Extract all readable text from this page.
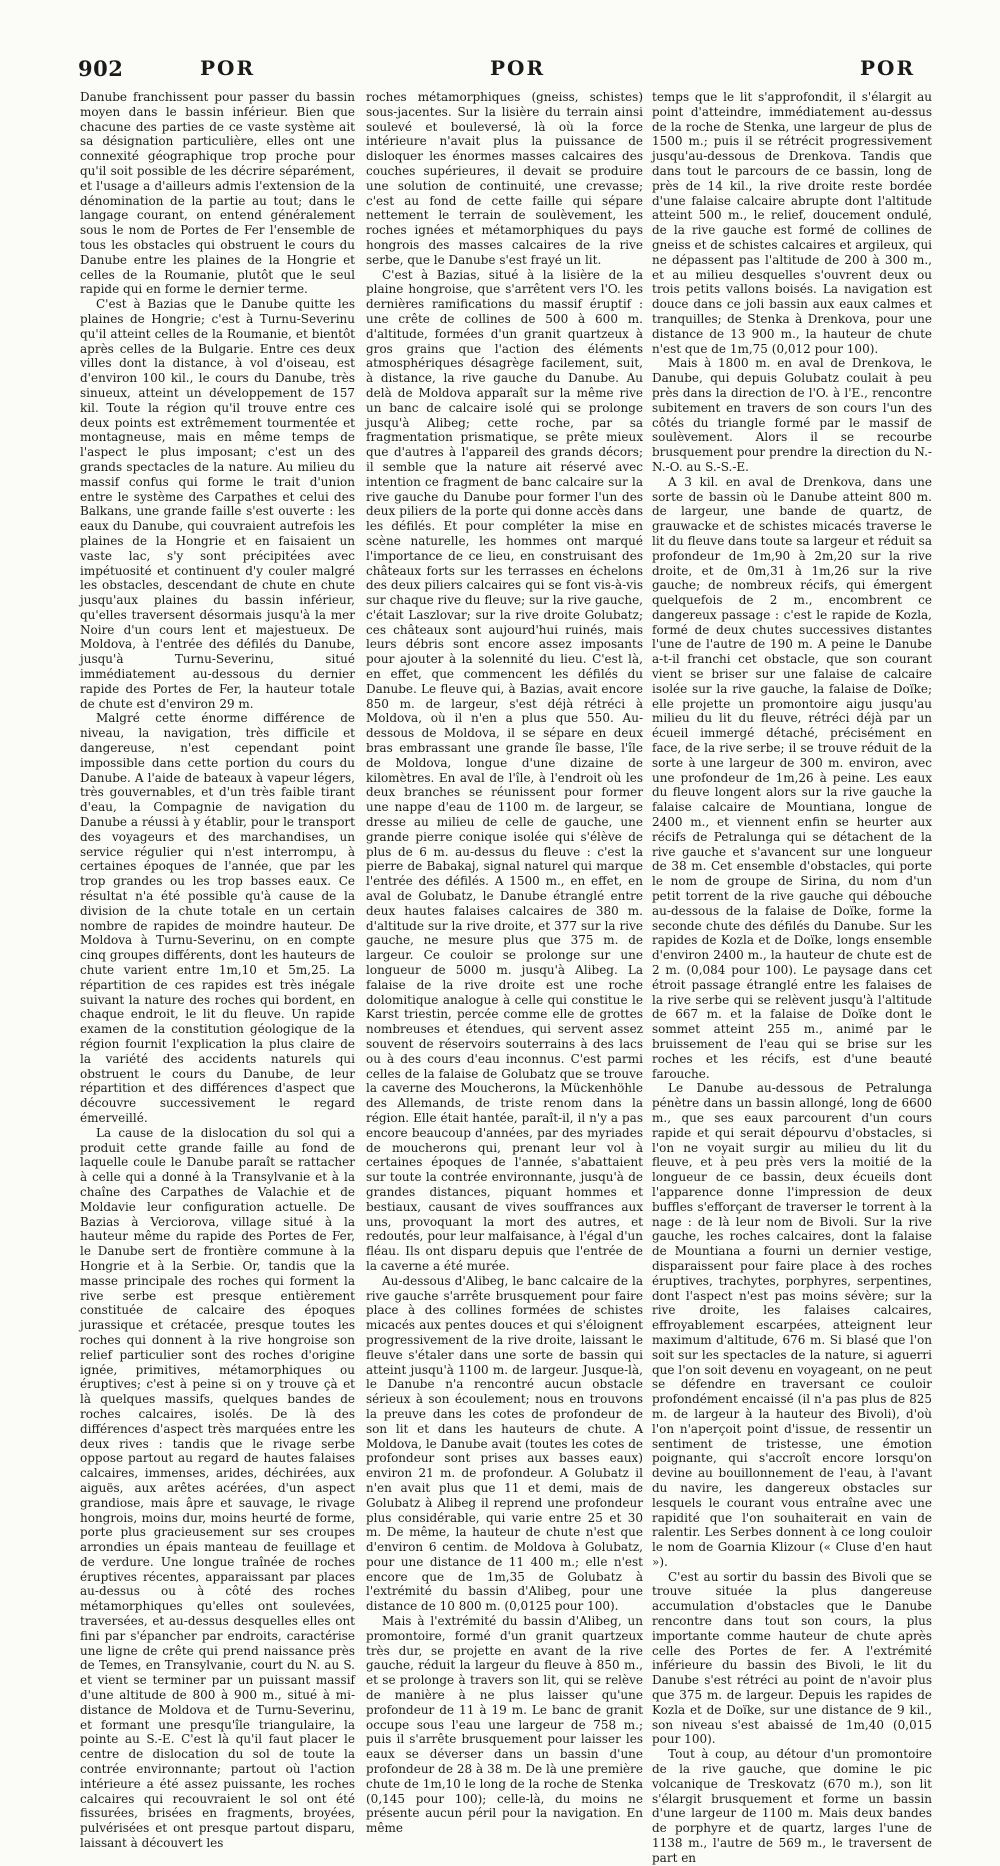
902	POR	POR	POR

Danube franchissent pour passer du bassin moyen dans le bassin inférieur. Bien que chacune des parties de ce vaste système ait sa désignation particulière, elles ont une connexité géographique trop proche pour qu'il soit possible de les décrire séparément, et l'usage a d'ailleurs admis l'extension de la dénomination de la partie au tout; dans le langage courant, on entend généralement sous le nom de Portes de Fer l'ensemble de tous les obstacles qui obstruent le cours du Danube entre les plaines de la Hongrie et celles de la Roumanie, plutôt que le seul rapide qui en forme le dernier terme.

C'est à Bazias que le Danube quitte les plaines de Hongrie; c'est à Turnu-Severinu qu'il atteint celles de la Roumanie, et bientôt après celles de la Bulgarie. Entre ces deux villes dont la distance, à vol d'oiseau, est d'environ 100 kil., le cours du Danube, très sinueux, atteint un développement de 157 kil. Toute la région qu'il trouve entre ces deux points est extrêmement tourmentée et montagneuse, mais en même temps de l'aspect le plus imposant; c'est un des grands spectacles de la nature. Au milieu du massif confus qui forme le trait d'union entre le système des Carpathes et celui des Balkans, une grande faille s'est ouverte : les eaux du Danube, qui couvraient autrefois les plaines de la Hongrie et en faisaient un vaste lac, s'y sont précipitées avec impétuosité et continuent d'y couler malgré les obstacles, descendant de chute en chute jusqu'aux plaines du bassin inférieur, qu'elles traversent désormais jusqu'à la mer Noire d'un cours lent et majestueux. De Moldova, à l'entrée des défilés du Danube, jusqu'à Turnu-Severinu, situé immédiatement au-dessous du dernier rapide des Portes de Fer, la hauteur totale de chute est d'environ 29 m.

Malgré cette énorme différence de niveau, la navigation, très difficile et dangereuse, n'est cependant point impossible dans cette portion du cours du Danube. A l'aide de bateaux à vapeur légers, très gouvernables, et d'un très faible tirant d'eau, la Compagnie de navigation du Danube a réussi à y établir, pour le transport des voyageurs et des marchandises, un service régulier qui n'est interrompu, à certaines époques de l'année, que par les trop grandes ou les trop basses eaux. Ce résultat n'a été possible qu'à cause de la division de la chute totale en un certain nombre de rapides de moindre hauteur. De Moldova à Turnu-Severinu, on en compte cinq groupes différents, dont les hauteurs de chute varient entre 1m,10 et 5m,25. La répartition de ces rapides est très inégale suivant la nature des roches qui bordent, en chaque endroit, le lit du fleuve. Un rapide examen de la constitution géologique de la région fournit l'explication la plus claire de la variété des accidents naturels qui obstruent le cours du Danube, de leur répartition et des différences d'aspect que découvre successivement le regard émerveillé.

La cause de la dislocation du sol qui a produit cette grande faille au fond de laquelle coule le Danube paraît se rattacher à celle qui a donné à la Transylvanie et à la chaîne des Carpathes de Valachie et de Moldavie leur configuration actuelle. De Bazias à Verciorova, village situé à la hauteur même du rapide des Portes de Fer, le Danube sert de frontière commune à la Hongrie et à la Serbie. Or, tandis que la masse principale des roches qui forment la rive serbe est presque entièrement constituée de calcaire des époques jurassique et crétacée, presque toutes les roches qui donnent à la rive hongroise son relief particulier sont des roches d'origine ignée, primitives, métamorphiques ou éruptives; c'est à peine si on y trouve çà et là quelques massifs, quelques bandes de roches calcaires, isolés. De là des différences d'aspect très marquées entre les deux rives : tandis que le rivage serbe oppose partout au regard de hautes falaises calcaires, immenses, arides, déchirées, aux aiguës, aux arêtes acérées, d'un aspect grandiose, mais âpre et sauvage, le rivage hongrois, moins dur, moins heurté de forme, porte plus gracieusement sur ses croupes arrondies un épais manteau de feuillage et de verdure. Une longue traînée de roches éruptives récentes, apparaissant par places au-dessus ou à côté des roches métamorphiques qu'elles ont soulevées, traversées, et au-dessus desquelles elles ont fini par s'épancher par endroits, caractérise une ligne de crête qui prend naissance près de Temes, en Transylvanie, court du N. au S. et vient se terminer par un puissant massif d'une altitude de 800 à 900 m., situé à mi-distance de Moldova et de Turnu-Severinu, et formant une presqu'île triangulaire, la pointe au S.-E. C'est là qu'il faut placer le centre de dislocation du sol de toute la contrée environnante; partout où l'action intérieure a été assez puissante, les roches calcaires qui recouvraient le sol ont été fissurées, brisées en fragments, broyées, pulvérisées et ont presque partout disparu, laissant à découvert les

roches métamorphiques (gneiss, schistes) sous-jacentes. Sur la lisière du terrain ainsi soulevé et bouleversé, là où la force intérieure n'avait plus la puissance de disloquer les énormes masses calcaires des couches supérieures, il devait se produire une solution de continuité, une crevasse; c'est au fond de cette faille qui sépare nettement le terrain de soulèvement, les roches ignées et métamorphiques du pays hongrois des masses calcaires de la rive serbe, que le Danube s'est frayé un lit.

C'est à Bazias, situé à la lisière de la plaine hongroise, que s'arrêtent vers l'O. les dernières ramifications du massif éruptif : une crête de collines de 500 à 600 m. d'altitude, formées d'un granit quartzeux à gros grains que l'action des éléments atmosphériques désagrège facilement, suit, à distance, la rive gauche du Danube. Au delà de Moldova apparaît sur la même rive un banc de calcaire isolé qui se prolonge jusqu'à Alibeg; cette roche, par sa fragmentation prismatique, se prête mieux que d'autres à l'appareil des grands décors; il semble que la nature ait réservé avec intention ce fragment de banc calcaire sur la rive gauche du Danube pour former l'un des deux piliers de la porte qui donne accès dans les défilés. Et pour compléter la mise en scène naturelle, les hommes ont marqué l'importance de ce lieu, en construisant des châteaux forts sur les terrasses en échelons des deux piliers calcaires qui se font vis-à-vis sur chaque rive du fleuve; sur la rive gauche, c'était Laszlovar; sur la rive droite Golubatz; ces châteaux sont aujourd'hui ruinés, mais leurs débris sont encore assez imposants pour ajouter à la solennité du lieu. C'est là, en effet, que commencent les défilés du Danube. Le fleuve qui, à Bazias, avait encore 850 m. de largeur, s'est déjà rétréci à Moldova, où il n'en a plus que 550. Au-dessous de Moldova, il se sépare en deux bras embrassant une grande île basse, l'île de Moldova, longue d'une dizaine de kilomètres. En aval de l'île, à l'endroit où les deux branches se réunissent pour former une nappe d'eau de 1100 m. de largeur, se dresse au milieu de celle de gauche, une grande pierre conique isolée qui s'élève de plus de 6 m. au-dessus du fleuve : c'est la pierre de Babakaj, signal naturel qui marque l'entrée des défilés. A 1500 m., en effet, en aval de Golubatz, le Danube étranglé entre deux hautes falaises calcaires de 380 m. d'altitude sur la rive droite, et 377 sur la rive gauche, ne mesure plus que 375 m. de largeur. Ce couloir se prolonge sur une longueur de 5000 m. jusqu'à Alibeg. La falaise de la rive droite est une roche dolomitique analogue à celle qui constitue le Karst triestin, percée comme elle de grottes nombreuses et étendues, qui servent assez souvent de réservoirs souterrains à des lacs ou à des cours d'eau inconnus. C'est parmi celles de la falaise de Golubatz que se trouve la caverne des Moucherons, la Mückenhöhle des Allemands, de triste renom dans la région. Elle était hantée, paraît-il, il n'y a pas encore beaucoup d'années, par des myriades de moucherons qui, prenant leur vol à certaines époques de l'année, s'abattaient sur toute la contrée environnante, jusqu'à de grandes distances, piquant hommes et bestiaux, causant de vives souffrances aux uns, provoquant la mort des autres, et redoutés, pour leur malfaisance, à l'égal d'un fléau. Ils ont disparu depuis que l'entrée de la caverne a été murée.

Au-dessous d'Alibeg, le banc calcaire de la rive gauche s'arrête brusquement pour faire place à des collines formées de schistes micacés aux pentes douces et qui s'éloignent progressivement de la rive droite, laissant le fleuve s'étaler dans une sorte de bassin qui atteint jusqu'à 1100 m. de largeur. Jusque-là, le Danube n'a rencontré aucun obstacle sérieux à son écoulement; nous en trouvons la preuve dans les cotes de profondeur de son lit et dans les hauteurs de chute. A Moldova, le Danube avait (toutes les cotes de profondeur sont prises aux basses eaux) environ 21 m. de profondeur. A Golubatz il n'en avait plus que 11 et demi, mais de Golubatz à Alibeg il reprend une profondeur plus considérable, qui varie entre 25 et 30 m. De même, la hauteur de chute n'est que d'environ 6 centim. de Moldova à Golubatz, pour une distance de 11 400 m.; elle n'est encore que de 1m,35 de Golubatz à l'extrémité du bassin d'Alibeg, pour une distance de 10 800 m. (0,0125 pour 100).

Mais à l'extrémité du bassin d'Alibeg, un promontoire, formé d'un granit quartzeux très dur, se projette en avant de la rive gauche, réduit la largeur du fleuve à 850 m., et se prolonge à travers son lit, qui se relève de manière à ne plus laisser qu'une profondeur de 11 à 19 m. Le banc de granit occupe sous l'eau une largeur de 758 m.; puis il s'arrête brusquement pour laisser les eaux se déverser dans un bassin d'une profondeur de 28 à 38 m. De là une première chute de 1m,10 le long de la roche de Stenka (0,145 pour 100); celle-là, du moins ne présente aucun péril pour la navigation. En même

temps que le lit s'approfondit, il s'élargit au point d'atteindre, immédiatement au-dessus de la roche de Stenka, une largeur de plus de 1500 m.; puis il se rétrécit progressivement jusqu'au-dessous de Drenkova. Tandis que dans tout le parcours de ce bassin, long de près de 14 kil., la rive droite reste bordée d'une falaise calcaire abrupte dont l'altitude atteint 500 m., le relief, doucement ondulé, de la rive gauche est formé de collines de gneiss et de schistes calcaires et argileux, qui ne dépassent pas l'altitude de 200 à 300 m., et au milieu desquelles s'ouvrent deux ou trois petits vallons boisés. La navigation est douce dans ce joli bassin aux eaux calmes et tranquilles; de Stenka à Drenkova, pour une distance de 13 900 m., la hauteur de chute n'est que de 1m,75 (0,012 pour 100).

Mais à 1800 m. en aval de Drenkova, le Danube, qui depuis Golubatz coulait à peu près dans la direction de l'O. à l'E., rencontre subitement en travers de son cours l'un des côtés du triangle formé par le massif de soulèvement. Alors il se recourbe brusquement pour prendre la direction du N.-N.-O. au S.-S.-E.

A 3 kil. en aval de Drenkova, dans une sorte de bassin où le Danube atteint 800 m. de largeur, une bande de quartz, de grauwacke et de schistes micacés traverse le lit du fleuve dans toute sa largeur et réduit sa profondeur de 1m,90 à 2m,20 sur la rive droite, et de 0m,31 à 1m,26 sur la rive gauche; de nombreux récifs, qui émergent quelquefois de 2 m., encombrent ce dangereux passage : c'est le rapide de Kozla, formé de deux chutes successives distantes l'une de l'autre de 190 m. A peine le Danube a-t-il franchi cet obstacle, que son courant vient se briser sur une falaise de calcaire isolée sur la rive gauche, la falaise de Doïke; elle projette un promontoire aigu jusqu'au milieu du lit du fleuve, rétréci déjà par un écueil immergé détaché, précisément en face, de la rive serbe; il se trouve réduit de la sorte à une largeur de 300 m. environ, avec une profondeur de 1m,26 à peine. Les eaux du fleuve longent alors sur la rive gauche la falaise calcaire de Mountiana, longue de 2400 m., et viennent enfin se heurter aux récifs de Petralunga qui se détachent de la rive gauche et s'avancent sur une longueur de 38 m. Cet ensemble d'obstacles, qui porte le nom de groupe de Sirina, du nom d'un petit torrent de la rive gauche qui débouche au-dessous de la falaise de Doïke, forme la seconde chute des défilés du Danube. Sur les rapides de Kozla et de Doïke, longs ensemble d'environ 2400 m., la hauteur de chute est de 2 m. (0,084 pour 100). Le paysage dans cet étroit passage étranglé entre les falaises de la rive serbe qui se relèvent jusqu'à l'altitude de 667 m. et la falaise de Doïke dont le sommet atteint 255 m., animé par le bruissement de l'eau qui se brise sur les roches et les récifs, est d'une beauté farouche.

Le Danube au-dessous de Petralunga pénètre dans un bassin allongé, long de 6600 m., que ses eaux parcourent d'un cours rapide et qui serait dépourvu d'obstacles, si l'on ne voyait surgir au milieu du lit du fleuve, et à peu près vers la moitié de la longueur de ce bassin, deux écueils dont l'apparence donne l'impression de deux buffles s'efforçant de traverser le torrent à la nage : de là leur nom de Bivoli. Sur la rive gauche, les roches calcaires, dont la falaise de Mountiana a fourni un dernier vestige, disparaissent pour faire place à des roches éruptives, trachytes, porphyres, serpentines, dont l'aspect n'est pas moins sévère; sur la rive droite, les falaises calcaires, effroyablement escarpées, atteignent leur maximum d'altitude, 676 m. Si blasé que l'on soit sur les spectacles de la nature, si aguerri que l'on soit devenu en voyageant, on ne peut se défendre en traversant ce couloir profondément encaissé (il n'a pas plus de 825 m. de largeur à la hauteur des Bivoli), d'où l'on n'aperçoit point d'issue, de ressentir un sentiment de tristesse, une émotion poignante, qui s'accroît encore lorsqu'on devine au bouillonnement de l'eau, à l'avant du navire, les dangereux obstacles sur lesquels le courant vous entraîne avec une rapidité que l'on souhaiterait en vain de ralentir. Les Serbes donnent à ce long couloir le nom de Goarnia Klizour (« Cluse d'en haut »).

C'est au sortir du bassin des Bivoli que se trouve située la plus dangereuse accumulation d'obstacles que le Danube rencontre dans tout son cours, la plus importante comme hauteur de chute après celle des Portes de fer. A l'extrémité inférieure du bassin des Bivoli, le lit du Danube s'est rétréci au point de n'avoir plus que 375 m. de largeur. Depuis les rapides de Kozla et de Doïke, sur une distance de 9 kil., son niveau s'est abaissé de 1m,40 (0,015 pour 100).

Tout à coup, au détour d'un promontoire de la rive gauche, que domine le pic volcanique de Treskovatz (670 m.), son lit s'élargit brusquement et forme un bassin d'une largeur de 1100 m. Mais deux bandes de porphyre et de quartz, larges l'une de 1138 m., l'autre de 569 m., le traversent de part en
